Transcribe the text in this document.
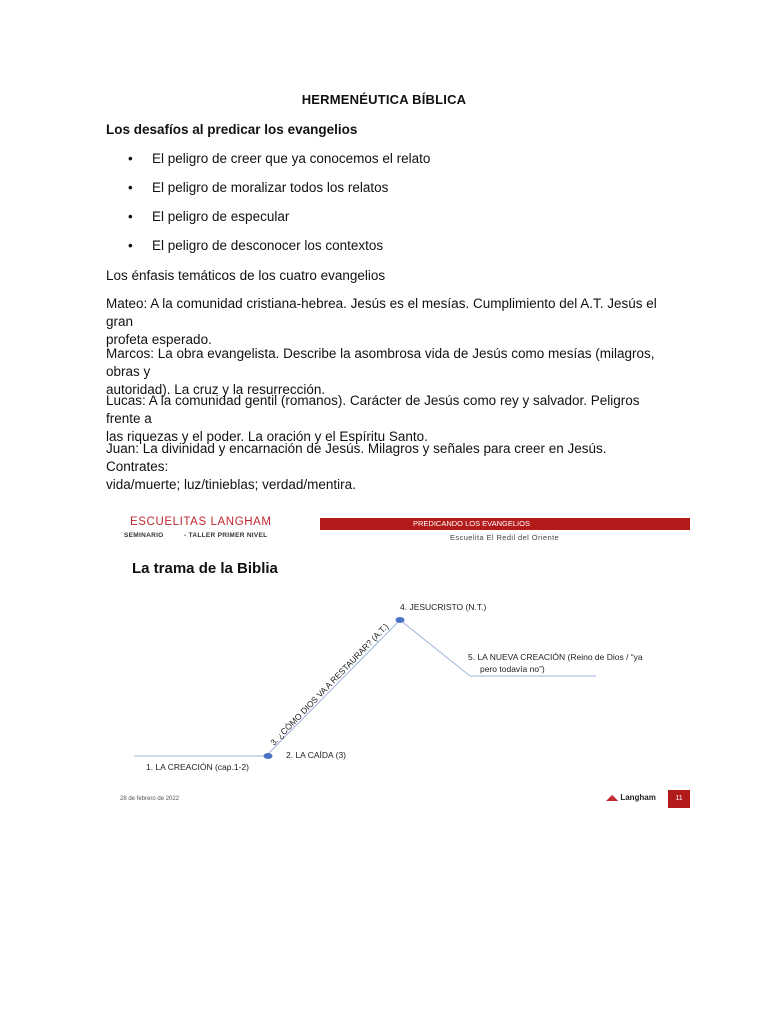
HERMENÉUTICA BÍBLICA
Los desafíos al predicar los evangelios
• El peligro de creer que ya conocemos el relato
• El peligro de moralizar todos los relatos
• El peligro de especular
• El peligro de desconocer los contextos

Los énfasis temáticos de los cuatro evangelios

Mateo: A la comunidad cristiana-hebrea. Jesús es el mesías. Cumplimiento del A.T. Jesús el gran
profeta esperado.

Marcos: La obra evangelista. Describe la asombrosa vida de Jesús como mesías (milagros, obras y
autoridad). La cruz y la resurrección.

Lucas: A la comunidad gentil (romanos). Carácter de Jesús como rey y salvador. Peligros frente a
las riquezas y el poder. La oración y el Espíritu Santo.

Juan: La divinidad y encarnación de Jesús. Milagros y señales para creer en Jesús. Contrates:
vida/muerte; luz/tinieblas; verdad/mentira.

ESCUELITAS LANGHAM
SEMINARIO	- TALLER PRIMER NIVEL
PREDICANDO LOS EVANGELIOS
Escuelita El Redil del Oriente
La trama de la Biblia
3. ¿CÓMO DIOS VA A RESTAURAR? (A.T.)
1. LA CREACIÓN (cap.1-2)
2. LA CAÍDA (3)
4. JESUCRISTO (N.T.)
5. LA NUEVA CREACIÓN (Reino de Dios / “ya
pero todavía no”)
28 de febrero de 2022	◢◣ Langham	11
